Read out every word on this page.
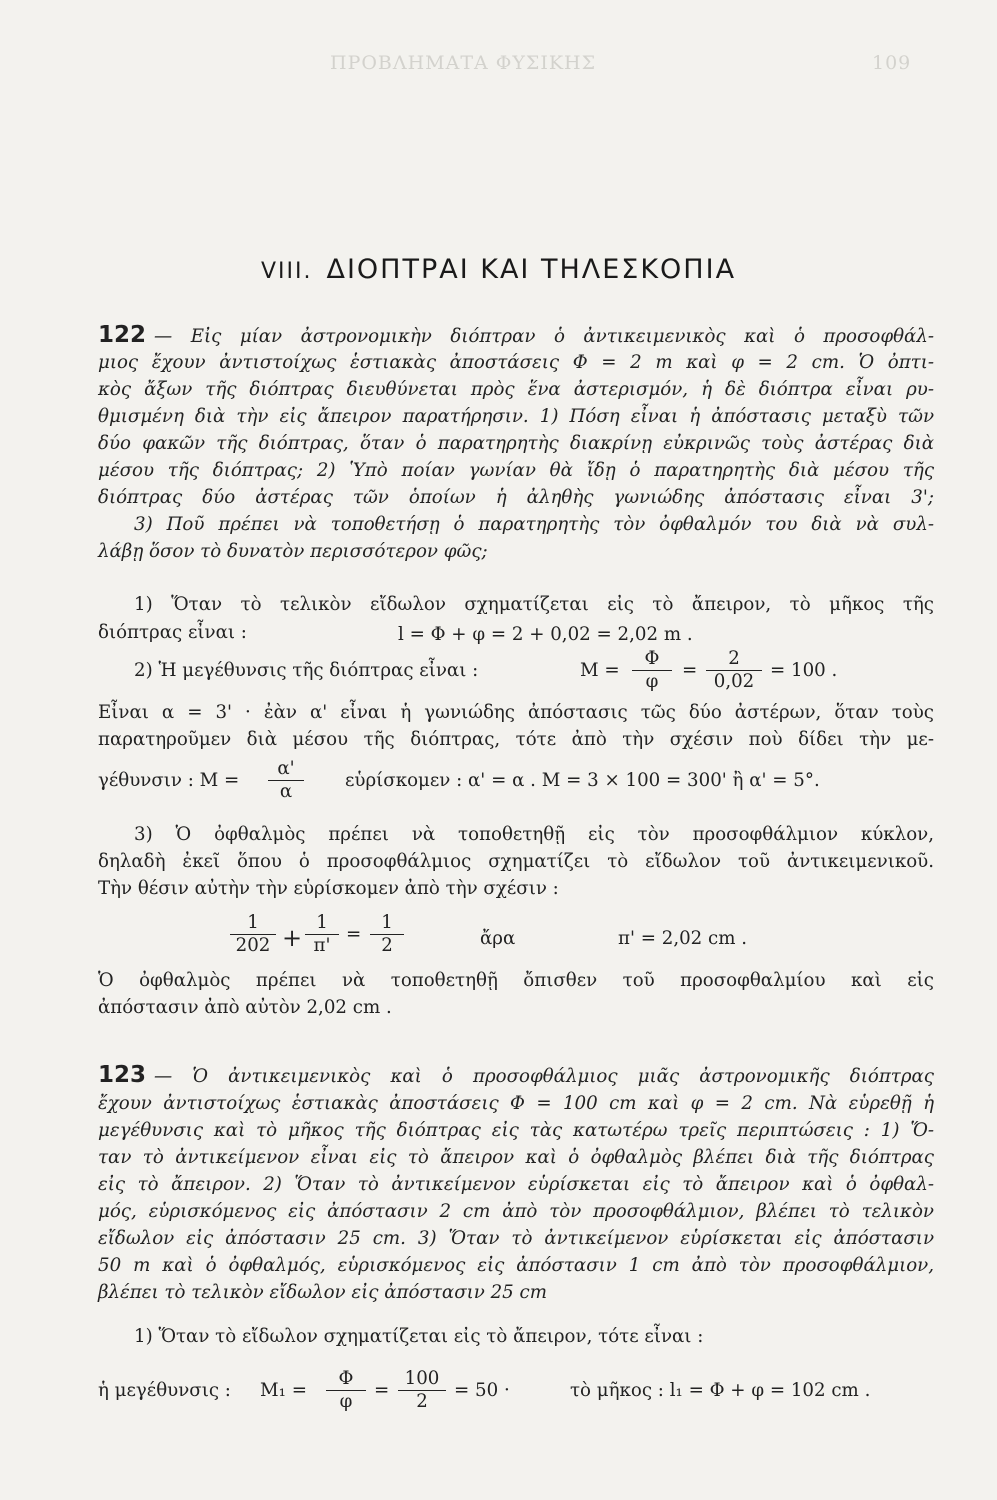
ΠΡΟΒΛΗΜΑΤΑ ΦΥΣΙΚΗΣ	109
VIII. ΔΙΟΠΤΡΑΙ ΚΑΙ ΤΗΛΕΣΚΟΠΙΑ
122 — Εἰς μίαν ἀστρονομικὴν διόπτραν ὁ ἀντικειμενικὸς καὶ ὁ προσοφθάλ-
μιος ἔχουν ἀντιστοίχως ἑστιακὰς ἀποστάσεις Φ = 2 m καὶ φ = 2 cm. Ὁ ὀπτι-
κὸς ἄξων τῆς διόπτρας διευθύνεται πρὸς ἕνα ἀστερισμόν, ἡ δὲ διόπτρα εἶναι ρυ-
θμισμένη διὰ τὴν εἰς ἄπειρον παρατήρησιν. 1) Πόση εἶναι ἡ ἀπόστασις μεταξὺ τῶν
δύο φακῶν τῆς διόπτρας, ὅταν ὁ παρατηρητὴς διακρίνῃ εὐκρινῶς τοὺς ἀστέρας διὰ
μέσου τῆς διόπτρας; 2) Ὑπὸ ποίαν γωνίαν θὰ ἴδῃ ὁ παρατηρητὴς διὰ μέσου τῆς
διόπτρας δύο ἀστέρας τῶν ὁποίων ἡ ἀληθὴς γωνιώδης ἀπόστασις εἶναι 3';
3) Ποῦ πρέπει νὰ τοποθετήσῃ ὁ παρατηρητὴς τὸν ὀφθαλμόν του διὰ νὰ συλ-
λάβῃ ὅσον τὸ δυνατὸν περισσότερον φῶς;
1) Ὅταν τὸ τελικὸν εἴδωλον σχηματίζεται εἰς τὸ ἄπειρον, τὸ μῆκος τῆς
διόπτρας εἶναι :	l = Φ + φ = 2 + 0,02 = 2,02 m .
2) Ἡ μεγέθυνσις τῆς διόπτρας εἶναι :	$M = \frac{\Phi}{\varphi} = \frac{2}{0,02} = 100$ .
Εἶναι α = 3' · ἐὰν α' εἶναι ἡ γωνιώδης ἀπόστασις τῶς δύο ἀστέρων, ὅταν τοὺς
παρατηροῦμεν διὰ μέσου τῆς διόπτρας, τότε ἀπὸ τὴν σχέσιν ποὺ δίδει τὴν με-
γέθυνσιν : $M = \frac{\alpha'}{\alpha}$ εὑρίσκομεν : α' = α . M = 3 × 100 = 300' ἢ α' = 5°.
3) Ὁ ὀφθαλμὸς πρέπει νὰ τοποθετηθῇ εἰς τὸν προσοφθάλμιον κύκλον,
δηλαδὴ ἐκεῖ ὅπου ὁ προσοφθάλμιος σχηματίζει τὸ εἴδωλον τοῦ ἀντικειμενικοῦ.
Τὴν θέσιν αὐτὴν τὴν εὑρίσκομεν ἀπὸ τὴν σχέσιν :
$\frac{1}{202} + \frac{1}{\pi'} = \frac{1}{2}$	ἄρα	π' = 2,02 cm .
Ὁ ὀφθαλμὸς πρέπει νὰ τοποθετηθῇ ὄπισθεν τοῦ προσοφθαλμίου καὶ εἰς
ἀπόστασιν ἀπὸ αὐτὸν 2,02 cm .
123 — Ὁ ἀντικειμενικὸς καὶ ὁ προσοφθάλμιος μιᾶς ἀστρονομικῆς διόπτρας
ἔχουν ἀντιστοίχως ἑστιακὰς ἀποστάσεις Φ = 100 cm καὶ φ = 2 cm. Νὰ εὑρεθῇ ἡ
μεγέθυνσις καὶ τὸ μῆκος τῆς διόπτρας εἰς τὰς κατωτέρω τρεῖς περιπτώσεις : 1) Ὅ-
ταν τὸ ἀντικείμενον εἶναι εἰς τὸ ἄπειρον καὶ ὁ ὀφθαλμὸς βλέπει διὰ τῆς διόπτρας
εἰς τὸ ἄπειρον. 2) Ὅταν τὸ ἀντικείμενον εὑρίσκεται εἰς τὸ ἄπειρον καὶ ὁ ὀφθαλ-
μός, εὑρισκόμενος εἰς ἀπόστασιν 2 cm ἀπὸ τὸν προσοφθάλμιον, βλέπει τὸ τελικὸν
εἴδωλον εἰς ἀπόστασιν 25 cm. 3) Ὅταν τὸ ἀντικείμενον εὑρίσκεται εἰς ἀπόστασιν
50 m καὶ ὁ ὀφθαλμός, εὑρισκόμενος εἰς ἀπόστασιν 1 cm ἀπὸ τὸν προσοφθάλμιον,
βλέπει τὸ τελικὸν εἴδωλον εἰς ἀπόστασιν 25 cm
1) Ὅταν τὸ εἴδωλον σχηματίζεται εἰς τὸ ἄπειρον, τότε εἶναι :
ἡ μεγέθυνσις : $M_1 = \frac{\Phi}{\varphi} = \frac{100}{2} = 50$ ·	τὸ μῆκος : l₁ = Φ + φ = 102 cm .
